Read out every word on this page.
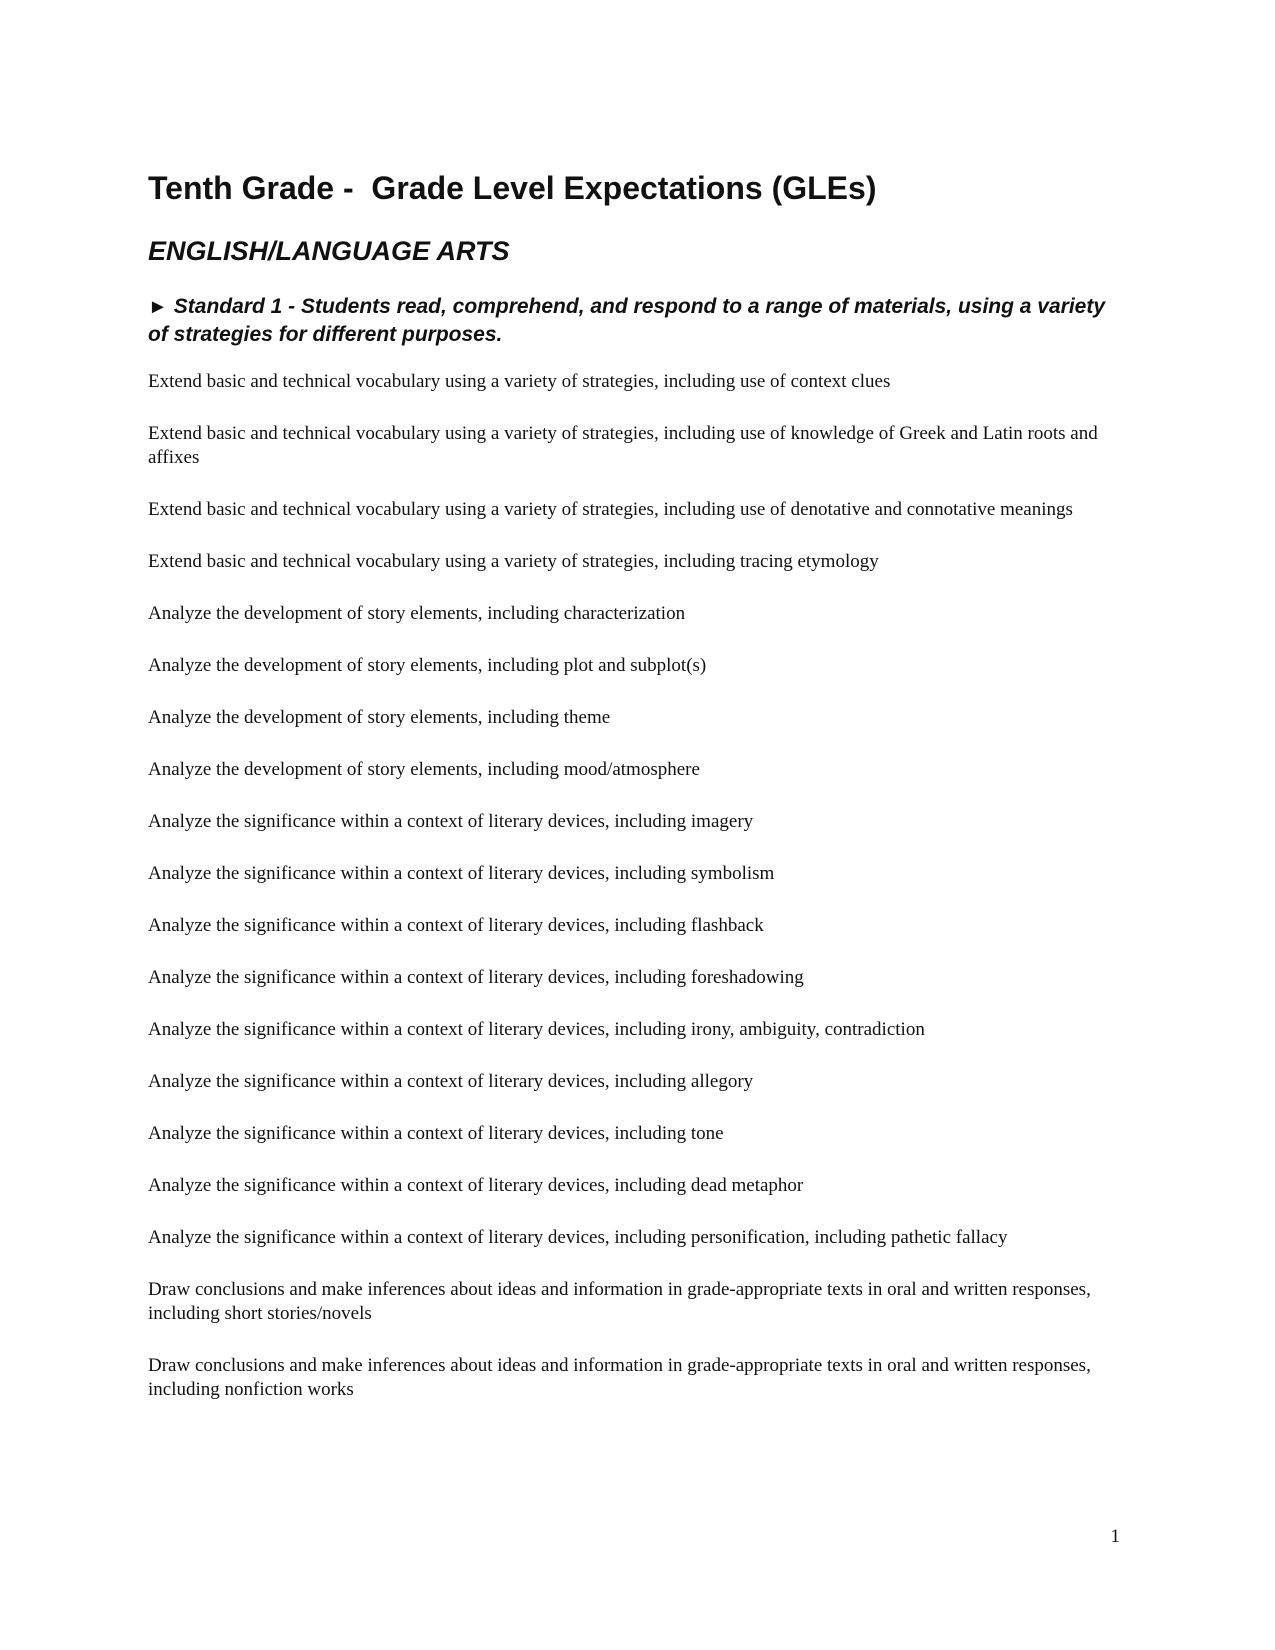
Tenth Grade -  Grade Level Expectations (GLEs)
ENGLISH/LANGUAGE ARTS

► Standard 1 - Students read, comprehend, and respond to a range of materials, using a variety of strategies for different purposes.

Extend basic and technical vocabulary using a variety of strategies, including use of context clues
Extend basic and technical vocabulary using a variety of strategies, including use of knowledge of Greek and Latin roots and affixes
Extend basic and technical vocabulary using a variety of strategies, including use of denotative and connotative meanings
Extend basic and technical vocabulary using a variety of strategies, including tracing etymology
Analyze the development of story elements, including characterization
Analyze the development of story elements, including plot and subplot(s)
Analyze the development of story elements, including theme
Analyze the development of story elements, including mood/atmosphere
Analyze the significance within a context of literary devices, including imagery
Analyze the significance within a context of literary devices, including symbolism
Analyze the significance within a context of literary devices, including flashback
Analyze the significance within a context of literary devices, including foreshadowing
Analyze the significance within a context of literary devices, including irony, ambiguity, contradiction
Analyze the significance within a context of literary devices, including allegory
Analyze the significance within a context of literary devices, including tone
Analyze the significance within a context of literary devices, including dead metaphor
Analyze the significance within a context of literary devices, including personification, including pathetic fallacy
Draw conclusions and make inferences about ideas and information in grade-appropriate texts in oral and written responses, including short stories/novels
Draw conclusions and make inferences about ideas and information in grade-appropriate texts in oral and written responses, including nonfiction works
1
